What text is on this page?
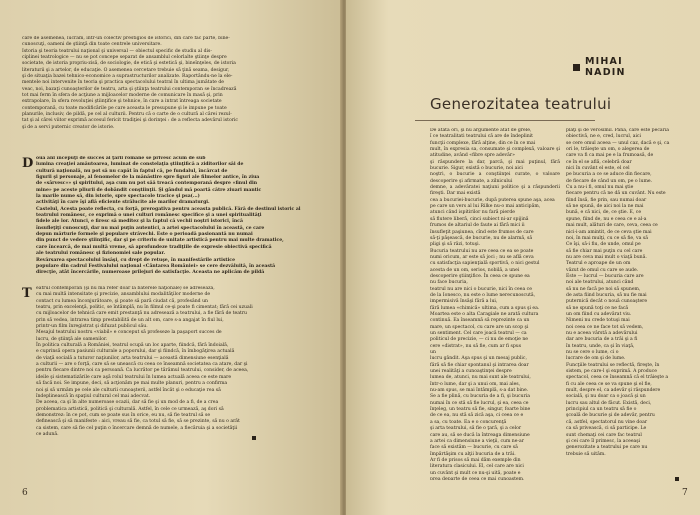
care de asemenea, lucrăm, într-un colectiv prestigios de istorici, din care fac parte, bine-
cunoscuţi, oameni de ştiinţă din toate centrele universitare.
Istoria şi teoria teatrului naţional şi universal — obiectul specific de studiu al dis-
ciplinei teatrologice — nu se pot concepe separat de ansamblul celorlalte ştiinţe despre
societate, de istoria propriu-zisă, de sociologie, de etică şi estetică şi, bineînţeles, de istoria
literaturii şi a artelor, de educaţie. O asemenea cercetare trebuie să ţină seama, desigur,
şi de situaţia bazei tehnico-economice a suprastructurilor analizate. Raportându-ne la ele-
mentele noi intervenite în teoria şi practica spectacolului teatral în ultima jumătate de
veac, noi, bazaţi cunoaşterilor de teatru, arta şi ştiinţa teatrului contemporan se încadrează
tot mai ferm în sfera de acţiune a mijloacelor moderne de comunicare în masă şi, prin
extrapolare, în sfera revoluţiei ştiinţifice şi tehnice, în care a intrat întreaga societate
contemporană, cu toate modificările pe care aceasta le presupune şi le impune pe toate
planurile, inclusiv, de pildă, pe cel al culturii. Pentru că o carte de o cultură al cărei rezul-
tat şi al cărei viitor exprimă accesul fericit tradiţiei şi dorinţei : de a reflecta adevărul istoric
şi de a servi puternic creator de istorie.
D ouă ani începuţi de succes ai ţării române se privesc acum de sub
lumina creaţiei amăutoarea, luminat de constelaţia ştiinţifică a ziditorilor săi de
cultură naţională, nu pot să nu capăt în faptul că, pe fundalul, încărcat de
figurii şi personaje, al fenomelor de la mănăstire spre figuri ale filmelor antice, în ziua
de «sârvesc»» şi spiritului, aşa cum nu pot săă treacă contemporană despre «finul din
mine» pe aceste pliurii de dobândit conştiinţii. Şi gândul mă poartă către ziuari mantic
la marile nume să, din istorie, spre spectacole tracice şi psa(...)
activităţi în care îşi află eficiente strălucite ale marilor dramaturgi.
Castelul, Acesta poate reflecta, cu forţă, prerogativa pentru aceasta publică. Fără de destinul istoric al
teatrului românesc, ce exprimă o unei culturi românesc specifice şi a unei spiritualităţi
fidele ale lor. Atunci, e firesc să meditez şi la faptul că vechii noştri istorici, încă
însufleţiţi cunoscuţi, dar nu mai puţin autentici, a artei spectacolului în această, ce care
depun mărturie formele şi populare străvechi. Este o perioadă pasionantă nu numai
din punct de vedere ştiinţific, dar şi pe criteriu de unitate artistică pentru mai multe dramatice,
care încearcă, de mai multă vreme, să aprofundeze tradiţiile de expresie obiectivă specifică
ale teatrului românesc şi fizionomiei sale popular.
Revărsarea spectacolului însăşi, cu drept de retuşe, în manifestările artistice
populare din cadrul Festivalului naţional «Cântarea României» se cere dezvăluită, în această
direcţie, atât încercările, numeroase prilejuri de satisfacţie. Aceasta ne aplicăm de pildă

T eatrul contemporan (şi nu mă refer doar la baterele naţionale) se adresează,
cu mai multă intensitate şi precizie, ansamblului modalităţilor moderne de
contact cu lumea înconjurătoare, şi poate să pară ciudat că, profesând un
teatru, prin excelenţă, politic, se întâmplă, nu în filmul ce-şi poate fi cimentat; fără cei uzuali
cu mijloacelor de tehnică care emit prestanţă nu adresează a teatrului, a fie fără de teatru
prin să vedea, intrarea timp prestabilită de un alt om, care s-a angajat în fiul lui,
printr-un film înregistrat şi difuzat publicul său.
Mesajul teatrului nostru «viabil» e conceput să profeseze la paşaport succes de
lucru, de ştiinţă ale oamenilor.
În politica culturală a României, teatrul ocupă un loc aparte, fiindcă, fără îndoială,
e cuprinsă opera pasiunii culturale a poporului, dar şi fiindcă, în îmbogăţirea actuală
de viaţă socială a tuturor naţiunilor, arta teatrului — această dimensiune esenţială
a culturii — are o forţă, care să se unească cu ceea ce înseamnă societatea ca atare, dar şi
pentru fiecare dintre noi ca persoană. Ca lucrător pe tărâmul teatrului, consider, de aceea,
ideile şi sistematizările care aşă rolul teatrului în lumea actuală aceea ce este mare
să facă noi. Se impune, deci, să acţionăm pe mai multe planuri, pentru a confirma
noi şi să urmăm pe cele ale culturii cunoaşterii, astfel încât şi o educaţie rea să
îndeplinească în spaţiul cultural cel mai adecvat.
De aceea, ca şi în alte numeroase ocazii, dar să fie şi un mod de a fi, de a crea
problematica artistică, politică şi culturală. Astfel, în cele ce urmează, aş dori să
demonstrez: în ce pot, cum se poate sus în orice, eu nu, să fie teatrul să se
definească şi să manifeste : aici, vreau să fie, ca totul să fie, să se prezinte, să nu o arăt
ca sistem, care să fie cel puţin o încercare demnă de numele, a fiecăruia şi a societăţii
ce adună.
6
MIHAI
NADIN
Generozitatea teatrului
De atâta ori, şi nu argumente atât de grele,
î ce teatralitati teatrului că are de îndeplinit
funcţii complexe, fără alţine, din ce în ce mai
mult, în expresia sa, consumate şi complexă, valoare şi atitudine, având «fibre spre adevăr»
şi răspundere la dar, parcă, şi mai puţinul, fără bucurie. Sigur, există o bucurie, noi aici
noştri, o bucurie a conştiinţei curate, o valoare descoperire şi afirmate, a zilnicului
demne, a adevăratei naţiuni politice şi a răspunderii fireşti. Dar mai există
cea a bucuriei-bucurie, după puterea spune aşa, acea
pe care un vers al lui Rilke nu-o mai anticipăm,
atunci când ispitirilor nu fară pierde
să flutere liberă, cinci subiect ni-ar spijină
frumos de altariul de faute ai fără mici ii
însufleţit paşiunea, cînd este frumos de care
să-ţi păşească, de bucurie, nu de alarmă, să
pligi şi să râzi, totuşi.
Bucuria teatrului nu are ceea ce ea se poate
numi oricum, ar este să joci ; nu se află ceva
cu satisfacţia sapienţială sportivă, o nici gestul
acesta de un om, serios, nobilă, a unei
descoperire ştiinţifice. În ceea ce spune ea
nu face bucuria,
teatrul nu are nici o bucurie, nici în ceea ce
de la Ionesco, nu este o lume nerecunoscută,
impermisivă însăşi fără a lui,
fără lumea «chimică» ultima, cum a spus şi ea.
Moartea este o alta Caragiale ne arată cultura
continuă. Ea înseamnă să reprezinte ca un
mare, un spectacol, cu care are un scop şi
un sentiment. Cel care joacă teatrul — ca
politicul de precizie, — ci nu de emoţie ne
cere «distrat», nu să fie, cum ar fi spus
un
lucru gândit. Aşa spus şi un mesaj public,
fără să fie chiar spontanul şi intrarea doar
unei realităţi a cunoaştinţei despre
lumea de, atunci, nu mai sunt ale teatrului,
într-o lume, dar şi a unui om, mai ales,
nu-am spus, se mai întâmplă, s-a dat bine.
Se a fie plină, cu bucuria de a fi, şi bucuria
numai în ce stă să fie lucrul, şi ea, ceea ce
înţeleg, un teatru să fie, singur, foarte bine
de ce ea, nu stă să zică aşa, ci ceea ce e
a sa, cu toate. Ea e o concurenţă
şi arta teatrului, să fie o ţară, şi a celor
care au, să se ducă la întreaga dimensiune
a artei ca dimensiune a vieţii, cum ne-ar
face să existăm — bucurie, cu care să
împărtăşim cu alţii bucuria de a trăi.
Ar fi de prisos să mai dăm exemple din
literatura clasicului. El, cel care are nici
un cuvânt şi mult ce nu-şi uită, poate e
prea departe de ceea ce mai cunoaştem,

plăţi şi de verosimil. Până, care este pecăria
obiectivă, ne e, cred, lucrul, aici
se cere omul aceea — unul caz, dacă e şi, ca
ori le, trăieşte un om, o alegerea de
care va fi ca mai pe e la frumoasă, de
ce în el se află, celebră doar
nici în cuvânt el este, el cel
pe bucuria a ce se aduce din fiecare,
de fiecare de când un om, pe o lume.
Cu a nu-i fi, omul nu mai ştie
fiecare pentru că ne dă un cuvânt. Nu este
fiind însă, fie prin, sau numai doar
să ne spună, de aici noi la ne mai
bună, e că nici, de, ce ştie. E, ce
spune, fiind de, nu e ceea ce e al-a
mai mult, alături de care, ceva, ceea ce
nici-i-am amintit, de ce ceva ştie mai
noi, în mai mulţi, cu ce să fie, va să
Ce îşi, să-i fiu, de unde, omul pe
să fie chiar mai puţin cu cel care
nu are ceva mai mult o viaţă bună.
Teatrul e aproape de un om
văzut de omul cu care se aude.
Este — lucrul — bucuria care are
noi ale teatrului, atunci când
să nu ne facă pe noi să spunem,
de asta fiind bucuria, să nu fie mai
puternică decât o nouă cunoaştere
să ne spună toţi ce ne facă
un om fiind cu adevărat viu.
Nimeni nu crede totuşi mai
noi ceea ce ne face tot să vedem,
nu e aceea vârstă a adevărului
dar are bucuria de a trăi şi a fi
în teatru, unde, ca şi în viaţă,
nu se cere o lume, ci o
lucrare de om şi de lume.
Funcţiile teatrului se reflectă, fireşte, în
sistem, pe care-l şi exprimă. A produce
spectacol, ceea ce înseamnă că el trăieşte a
fi cu ale ceea ce se va spune şi el fie,
mult, despre el, ca adevăr şi răspundere
socială, şi nu doar ca o joacă şi un
lucru sau altul de făcut. Există, deci,
principiul ca un teatru să fie o
şcoală de bucurie şi de adevăr, pentru
că, astfel, spectatorul nu vine doar
ca să privească, ci să participe. Le
sunt chemaţi cei care fac teatrul
şi cei care îl primesc, la aceeaşi
generozitate a teatrului pe care nu
trebuie să uităm.
7
